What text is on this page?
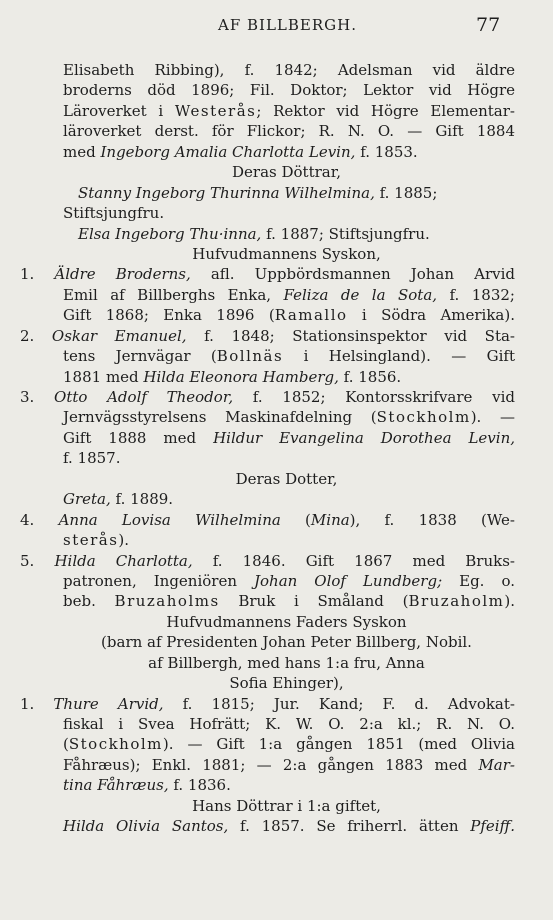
AF BILLBERGH.	77
Elisabeth Ribbing), f. 1842; Adelsman vid äldre
broderns död 1896; Fil. Doktor; Lektor vid Högre
Läroverket i Westerås; Rektor vid Högre Elementar-
läroverket derst. för Flickor; R. N. O. — Gift 1884
med Ingeborg Amalia Charlotta Levin, f. 1853.
Deras Döttrar,
Stanny Ingeborg Thurinna Wilhelmina, f. 1885;
Stiftsjungfru.
Elsa Ingeborg Thu·inna, f. 1887; Stiftsjungfru.
Hufvudmannens Syskon,
1. Äldre Broderns, afl. Uppbördsmannen Johan Arvid
Emil af Billberghs Enka, Feliza de la Sota, f. 1832;
Gift 1868; Enka 1896 (Ramallo i Södra Amerika).
2. Oskar Emanuel, f. 1848; Stationsinspektor vid Sta-
tens Jernvägar (Bollnäs i Helsingland). — Gift
1881 med Hilda Eleonora Hamberg, f. 1856.
3. Otto Adolf Theodor, f. 1852; Kontorsskrifvare vid
Jernvägsstyrelsens Maskinafdelning (Stockholm). —
Gift 1888 med Hildur Evangelina Dorothea Levin,
f. 1857.
Deras Dotter,
Greta, f. 1889.
4. Anna Lovisa Wilhelmina (Mina), f. 1838 (We-
sterås).
5. Hilda Charlotta, f. 1846. Gift 1867 med Bruks-
patronen, Ingeniören Johan Olof Lundberg; Eg. o.
beb. Bruzaholms Bruk i Småland (Bruzaholm).
Hufvudmannens Faders Syskon
(barn af Presidenten Johan Peter Billberg, Nobil.
af Billbergh, med hans 1:a fru, Anna
Sofia Ehinger),
1. Thure Arvid, f. 1815; Jur. Kand; F. d. Advokat-
fiskal i Svea Hofrätt; K. W. O. 2:a kl.; R. N. O.
(Stockholm). — Gift 1:a gången 1851 (med Olivia
Fåhræus); Enkl. 1881; — 2:a gången 1883 med Mar-
tina Fåhræus, f. 1836.
Hans Döttrar i 1:a giftet,
Hilda Olivia Santos, f. 1857. Se friherrl. ätten Pfeiff.
